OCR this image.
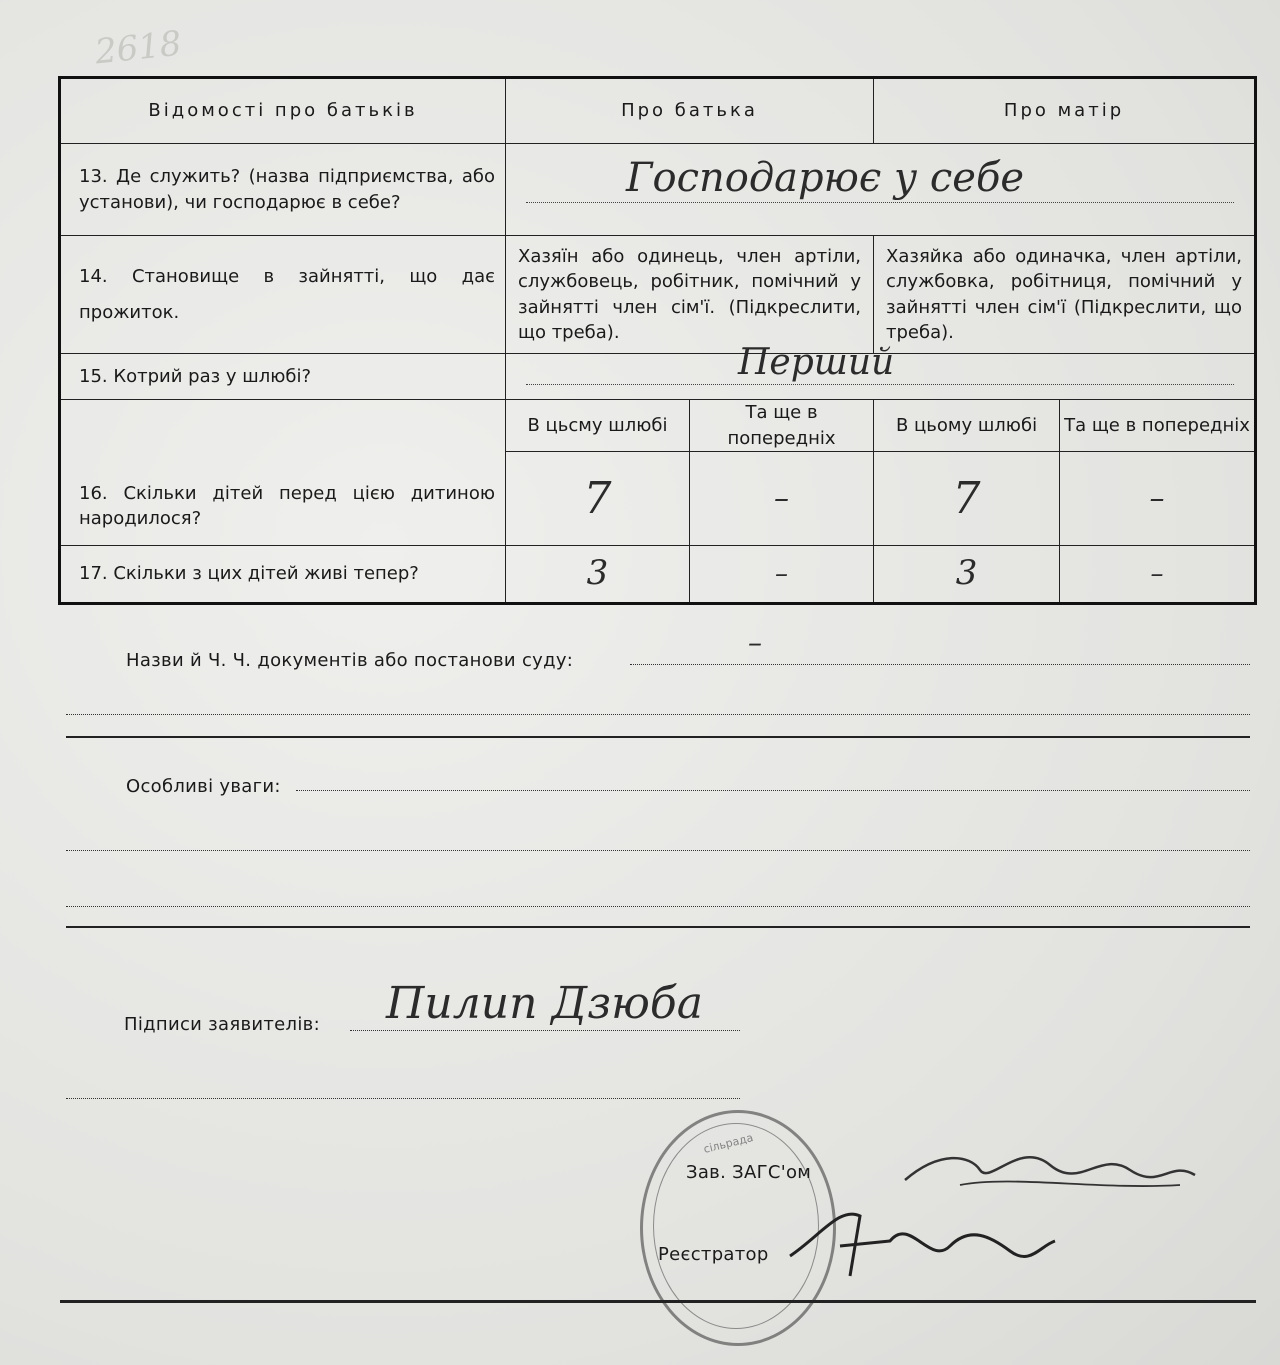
2618
Відомості про батьків	Про батька		Про матір	
13. Де служить? (назва підприємства, або установи), чи господарює в себе?	Господарює у себе			

14. Становище в зайнятті, що дає прожиток.	Хазяїн або одинець, член артіли, службовець, робітник, помічний у зайнятті член сім'ї. (Підкреслити, що треба).		Хазяйка або одиначка, член артіли, службовка, робітниця, помічний у зайнятті член сім'ї (Підкреслити, що треба).	
15. Котрий раз у шлюбі?	Перший			

16. Скільки дітей перед цією дитиною народилося?	В цьсму шлюбі	Та ще в попередніх	В цьому шлюбі	Та ще в попередніх
	7	–	7	–
17. Скільки з цих дітей живі тепер?	3	–	3	–
Назви й Ч. Ч. документів або постанови суду:
–
Особливі уваги:
Підписи заявителів: Пилип Дзюба
сільрада
Зав. ЗАГС'ом
Реєстратор
